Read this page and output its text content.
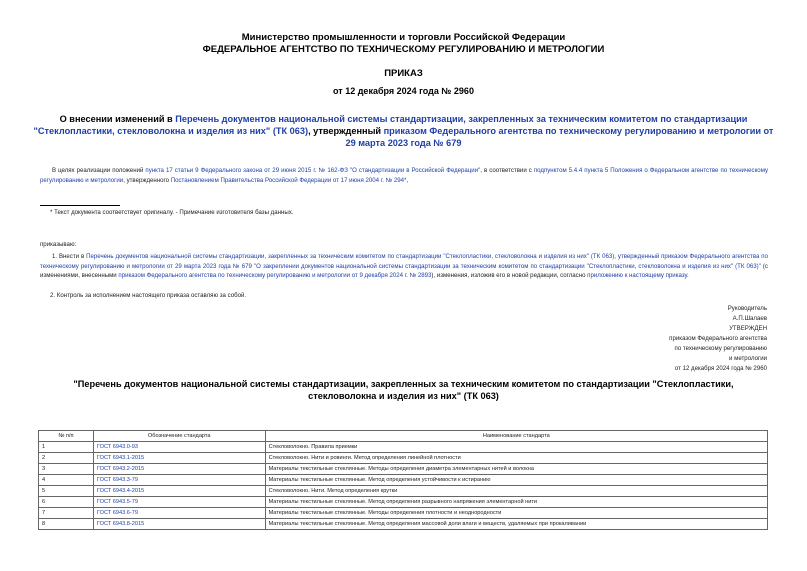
Министерство промышленности и торговли Российской Федерации
ФЕДЕРАЛЬНОЕ АГЕНТСТВО ПО ТЕХНИЧЕСКОМУ РЕГУЛИРОВАНИЮ И МЕТРОЛОГИИ
ПРИКАЗ
от 12 декабря 2024 года № 2960
О внесении изменений в Перечень документов национальной системы стандартизации, закрепленных за техническим комитетом по стандартизации "Стеклопластики, стекловолокна и изделия из них" (ТК 063), утвержденный приказом Федерального агентства по техническому регулированию и метрологии от 29 марта 2023 года № 679
В целях реализации положений пункта 17 статьи 9 Федерального закона от 29 июня 2015 г. № 162-ФЗ "О стандартизации в Российской Федерации", в соответствии с подпунктом 5.4.4 пункта 5 Положения о Федеральном агентстве по техническому регулированию и метрологии, утвержденного Постановлением Правительства Российской Федерации от 17 июня 2004 г. № 294*,
* Текст документа соответствует оригиналу. - Примечание изготовителя базы данных.
приказываю:
1. Внести в Перечень документов национальной системы стандартизации, закрепленных за техническим комитетом по стандартизации "Стеклопластики, стекловолокна и изделия из них" (ТК 063), утвержденный приказом Федерального агентства по техническому регулированию и метрологии от 29 марта 2023 года № 679 "О закреплении документов национальной системы стандартизации за техническим комитетом по стандартизации "Стеклопластики, стекловолокна и изделия из них" (ТК 063)" (с изменениями, внесенными приказом Федерального агентства по техническому регулированию и метрологии от 9 декабря 2024 г. № 2893), изменения, изложив его в новой редакции, согласно приложению к настоящему приказу.
2. Контроль за исполнением настоящего приказа оставляю за собой.
Руководитель
А.П.Шалаев
УТВЕРЖДЕН
приказом Федерального агентства
по техническому регулированию
и метрологии
от 12 декабря 2024 года № 2960
"Перечень документов национальной системы стандартизации, закрепленных за техническим комитетом по стандартизации "Стеклопластики, стекловолокна и изделия из них" (ТК 063)
№ п/п	Обозначение стандарта	Наименование стандарта
1	ГОСТ 6943.0-93	Стекловолокно. Правила приемки
2	ГОСТ 6943.1-2015	Стекловолокно. Нити и ровинги. Метод определения линейной плотности
3	ГОСТ 6943.2-2015	Материалы текстильные стеклянные. Методы определения диаметра элементарных нитей и волокна
4	ГОСТ 6943.3-79	Материалы текстильные стеклянные. Метод определения устойчивости к истиранию
5	ГОСТ 6943.4-2015	Стекловолокно. Нити. Метод определения крутки
6	ГОСТ 6943.5-79	Материалы текстильные стеклянные. Метод определения разрывного напряжения элементарной нити
7	ГОСТ 6943.6-79	Материалы текстильные стеклянные. Методы определения плотности и неоднородности
8	ГОСТ 6943.8-2015	Материалы текстильные стеклянные. Метод определения массовой доли влаги и веществ, удаляемых при прокаливании
